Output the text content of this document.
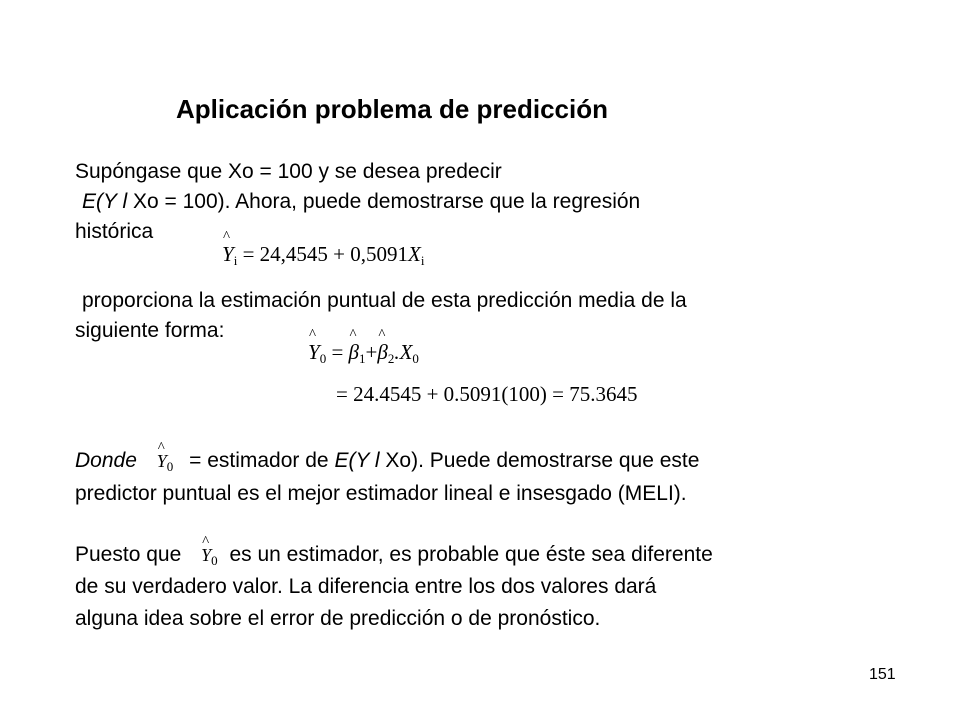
Aplicación problema de predicción
Supóngase que Xo = 100 y se desea predecir
E(Y l Xo = 100). Ahora, puede demostrarse que la regresión
histórica
^ $Y_i = 24,4545 + 0,5091X_i$
proporciona la estimación puntual de esta predicción media de la
siguiente forma:
^ $Y_0$ = ^ $\beta_1+\^{}$ $\beta_2.X_0$
= 24.4545 + 0.5091(100) = 75.3645
Donde ^ $Y_0$ = estimador de E(Y l Xo). Puede demostrarse que este
predictor puntual es el mejor estimador lineal e insesgado (MELI).
Puesto que ^ $Y_0$ es un estimador, es probable que éste sea diferente
de su verdadero valor. La diferencia entre los dos valores dará
alguna idea sobre el error de predicción o de pronóstico.
151
